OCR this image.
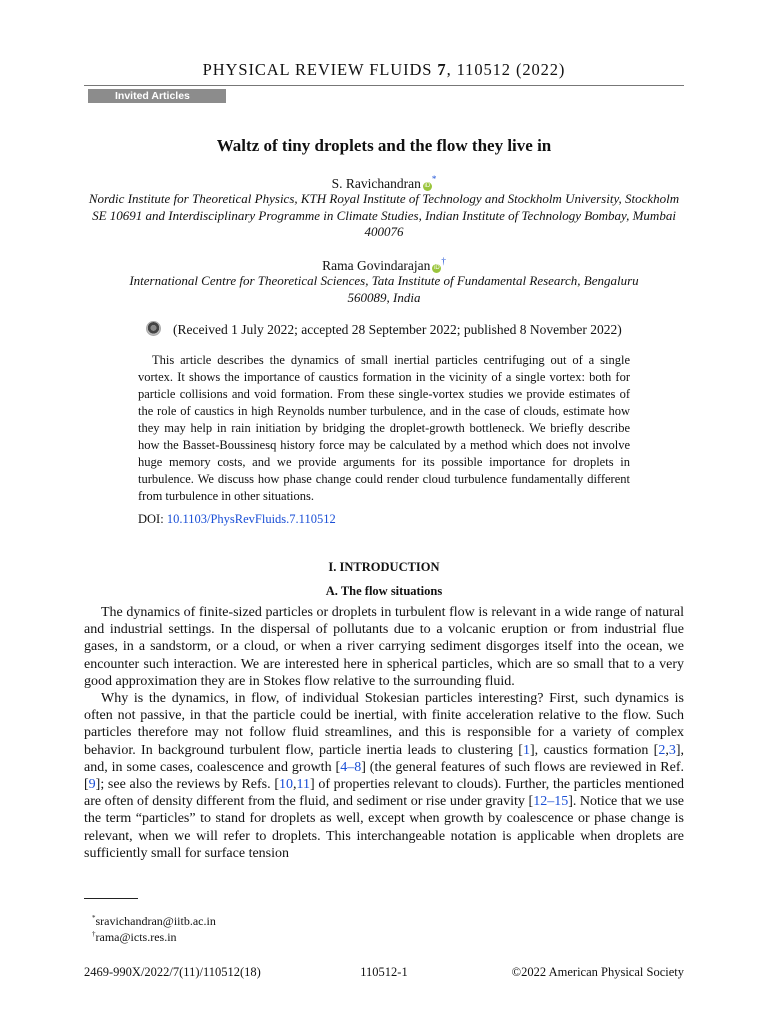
PHYSICAL REVIEW FLUIDS 7, 110512 (2022)
Invited Articles
Waltz of tiny droplets and the flow they live in
S. Ravichandran iD*
Nordic Institute for Theoretical Physics, KTH Royal Institute of Technology and Stockholm University, Stockholm SE 10691 and Interdisciplinary Programme in Climate Studies, Indian Institute of Technology Bombay, Mumbai 400076
Rama Govindarajan iD†
International Centre for Theoretical Sciences, Tata Institute of Fundamental Research, Bengaluru 560089, India
(Received 1 July 2022; accepted 28 September 2022; published 8 November 2022)
This article describes the dynamics of small inertial particles centrifuging out of a single vortex. It shows the importance of caustics formation in the vicinity of a single vortex: both for particle collisions and void formation. From these single-vortex studies we provide estimates of the role of caustics in high Reynolds number turbulence, and in the case of clouds, estimate how they may help in rain initiation by bridging the droplet-growth bottleneck. We briefly describe how the Basset-Boussinesq history force may be calculated by a method which does not involve huge memory costs, and we provide arguments for its possible importance for droplets in turbulence. We discuss how phase change could render cloud turbulence fundamentally different from turbulence in other situations.
DOI: 10.1103/PhysRevFluids.7.110512
I. INTRODUCTION
A. The flow situations

The dynamics of finite-sized particles or droplets in turbulent flow is relevant in a wide range of natural and industrial settings. In the dispersal of pollutants due to a volcanic eruption or from industrial flue gases, in a sandstorm, or a cloud, or when a river carrying sediment disgorges itself into the ocean, we encounter such interaction. We are interested here in spherical particles, which are so small that to a very good approximation they are in Stokes flow relative to the surrounding fluid.

Why is the dynamics, in flow, of individual Stokesian particles interesting? First, such dynamics is often not passive, in that the particle could be inertial, with finite acceleration relative to the flow. Such particles therefore may not follow fluid streamlines, and this is responsible for a variety of complex behavior. In background turbulent flow, particle inertia leads to clustering [1], caustics formation [2,3], and, in some cases, coalescence and growth [4–8] (the general features of such flows are reviewed in Ref. [9]; see also the reviews by Refs. [10,11] of properties relevant to clouds). Further, the particles mentioned are often of density different from the fluid, and sediment or rise under gravity [12–15]. Notice that we use the term “particles” to stand for droplets as well, except when growth by coalescence or phase change is relevant, when we will refer to droplets. This interchangeable notation is applicable when droplets are sufficiently small for surface tension

*sravichandran@iitb.ac.in
†rama@icts.res.in
2469-990X/2022/7(11)/110512(18)	110512-1	©2022 American Physical Society
